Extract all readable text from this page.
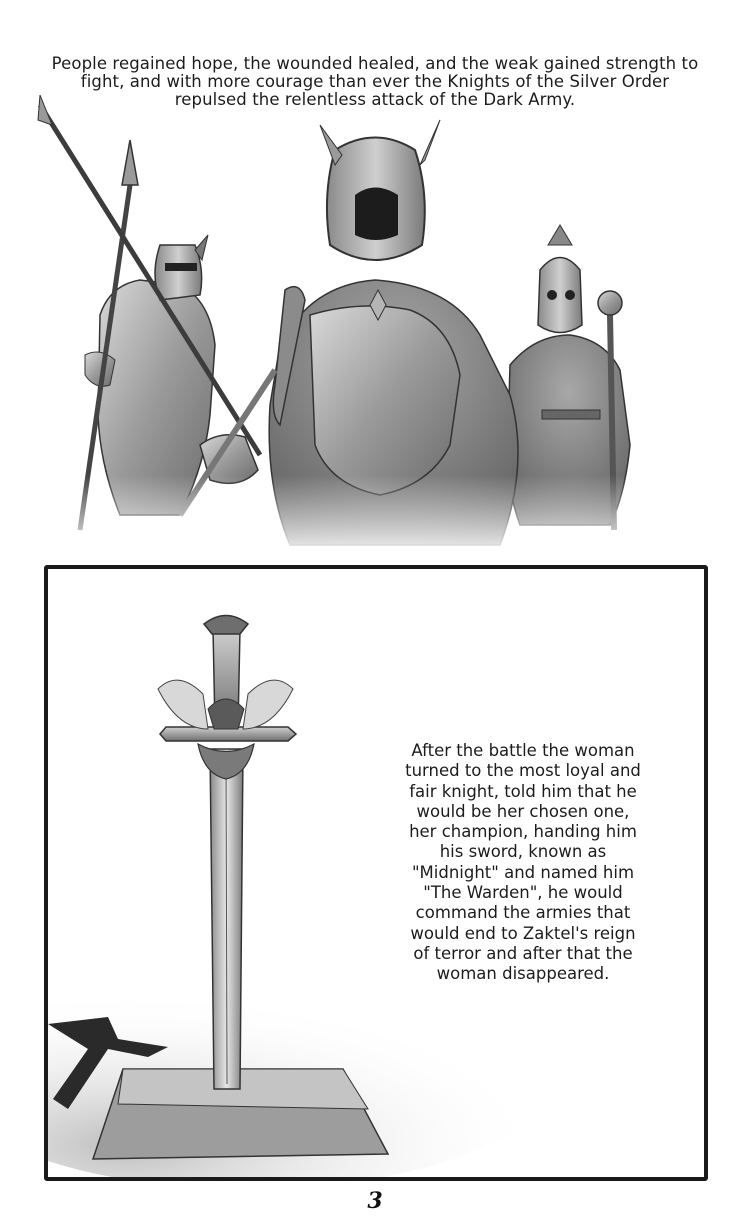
People regained hope, the wounded healed, and the weak gained strength to
fight, and with more courage than ever the Knights of the Silver Order
repulsed the relentless attack of the Dark Army.
After the battle the woman
turned to the most loyal and
fair knight, told him that he
would be her chosen one,
her champion, handing him
his sword, known as
"Midnight" and named him
"The Warden", he would
command the armies that
would end to Zaktel's reign
of terror and after that the
woman disappeared.
3
